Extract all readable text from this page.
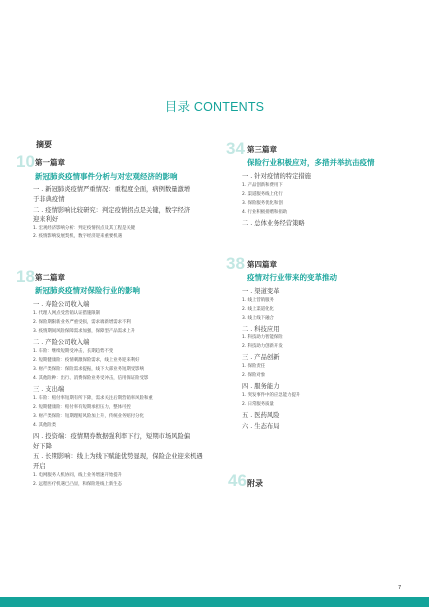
目录 CONTENTS
摘要
10 第一篇章
新冠肺炎疫情事件分析与对宏观经济的影响
一 . 新冠肺炎疫情严重情况：重程度全面，病例数量激增
于非典疫情
二 . 疫情影响比较研究：判定疫情拐点是关键，数字经济
迎来利好
1. 宏观经济影响分析：判定疫情拐点及其工程是关键
2. 疫情影响发展契机，数字经济迎来重要机遇
18 第二篇章
新冠肺炎疫情对保险行业的影响
一 . 寿险公司收入端
1. 代理人网点受营销认证措施限制
2. 保险期限新业务严重受损，需求端新增需求不利
3. 疫情期间风险保障需求加强，保障型产品需求上升
二 . 产险公司收入端
1. 车险：继续短期受冲击，长期趋势不变
2. 短期健康险：疫情刺激保险需求，线上业务迎来利好
3. 财产类保险：保险需求提振，线下大部业务短期受影响
4. 其他险种：出行、消费保险业务受冲击，信用保证险受影
三 . 支出端
1. 车险：赔付率短期有所下降，需求关注后期营销率风险和重
2. 短期健康险：赔付率有短期承担压力，整体可控
3. 财产类保险：短期理赔风险加上升，传统业务赔付分化
4. 其他险类
四 . 投资端：疫情期券数据强利率下行，短期市场风险偏
好下降
五 . 长期影响：线上为线下赋能优势显现，保险企业迎来机遇
开启
1. 电网服务人机协同，线上业务增速开始提升
2. 远程医疗机遇已凸显，和保险进线上新生态
34 第三篇章
保险行业积极应对，多措并举抗击疫情
一 . 针对疫情的特定措施
1. 产品创新和费用下
2. 渠道服务线上化行
3. 保险服务优化和创
4. 行业积极捐赠和捐助
二 . 总体业务经营策略
38 第四篇章
疫情对行业带来的变革推动
一 . 渠道变革
1. 线上营销服务
2. 线上渠道化化
3. 线上线下融合
二 . 科技应用
1. 科技助力智能保险
2. 科技助力创新开发
三 . 产品创新
1. 保险责任
2. 保险对象
四 . 服务能力
1. 突发事件中的应急能力提升
2. 日常服务质量
五 . 医药风险
六 . 生态布局
46 附录
7
